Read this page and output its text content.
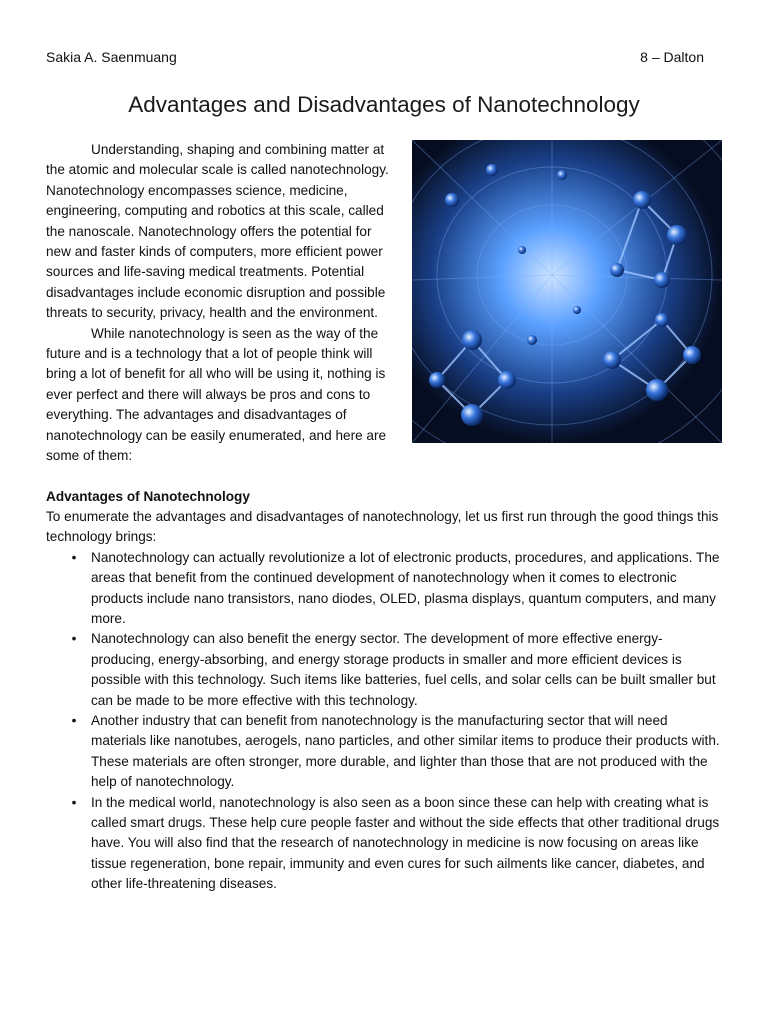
Sakia A. Saenmuang	8 – Dalton
Advantages and Disadvantages of Nanotechnology

Understanding, shaping and combining matter at the atomic and molecular scale is called nanotechnology. Nanotechnology encompasses science, medicine, engineering, computing and robotics at this scale, called the nanoscale. Nanotechnology offers the potential for new and faster kinds of computers, more efficient power sources and life-saving medical treatments. Potential disadvantages include economic disruption and possible threats to security, privacy, health and the environment.

While nanotechnology is seen as the way of the future and is a technology that a lot of people think will bring a lot of benefit for all who will be using it, nothing is ever perfect and there will always be pros and cons to everything. The advantages and disadvantages of nanotechnology can be easily enumerated, and here are some of them:

Advantages of Nanotechnology

To enumerate the advantages and disadvantages of nanotechnology, let us first run through the good things this technology brings:

• Nanotechnology can actually revolutionize a lot of electronic products, procedures, and applications. The areas that benefit from the continued development of nanotechnology when it comes to electronic products include nano transistors, nano diodes, OLED, plasma displays, quantum computers, and many more.
• Nanotechnology can also benefit the energy sector. The development of more effective energy-producing, energy-absorbing, and energy storage products in smaller and more efficient devices is possible with this technology. Such items like batteries, fuel cells, and solar cells can be built smaller but can be made to be more effective with this technology.
• Another industry that can benefit from nanotechnology is the manufacturing sector that will need materials like nanotubes, aerogels, nano particles, and other similar items to produce their products with. These materials are often stronger, more durable, and lighter than those that are not produced with the help of nanotechnology.
• In the medical world, nanotechnology is also seen as a boon since these can help with creating what is called smart drugs. These help cure people faster and without the side effects that other traditional drugs have. You will also find that the research of nanotechnology in medicine is now focusing on areas like tissue regeneration, bone repair, immunity and even cures for such ailments like cancer, diabetes, and other life-threatening diseases.
